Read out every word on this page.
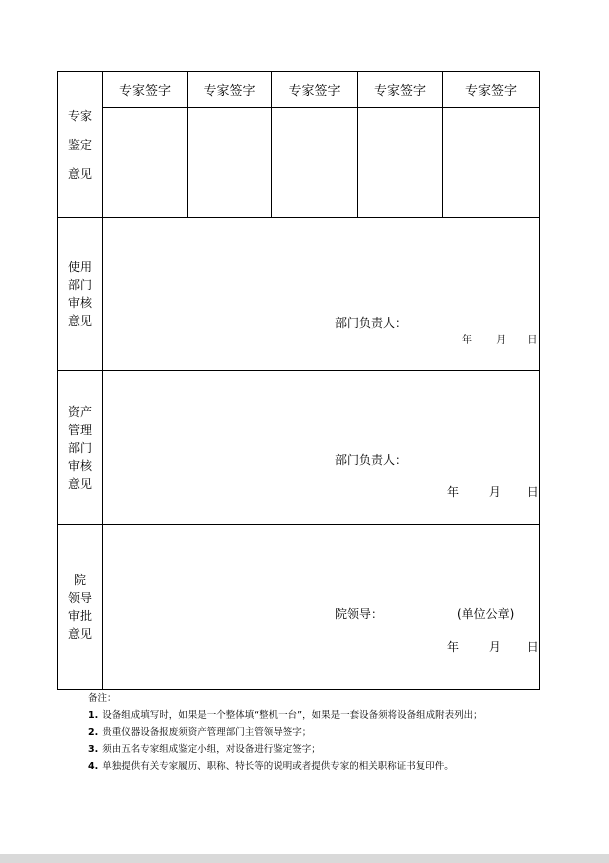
专家
鉴定
意见	专家签字	专家签字	专家签字	专家签字	专家签字

使用
部门
审核
意见	部门负责人：
年 月 日				

资产
管理
部门
审核
意见	部门负责人：
年 月 日				

院
领导
审批
意见	院领导： (单位公章)
年 月 日				
备注：
1. 设备组成填写时，如果是一个整体填“整机一台”，如果是一套设备须将设备组成附表列出；
2. 贵重仪器设备报废须资产管理部门主管领导签字；
3. 须由五名专家组成鉴定小组，对设备进行鉴定签字；
4. 单独提供有关专家履历、职称、特长等的说明或者提供专家的相关职称证书复印件。
